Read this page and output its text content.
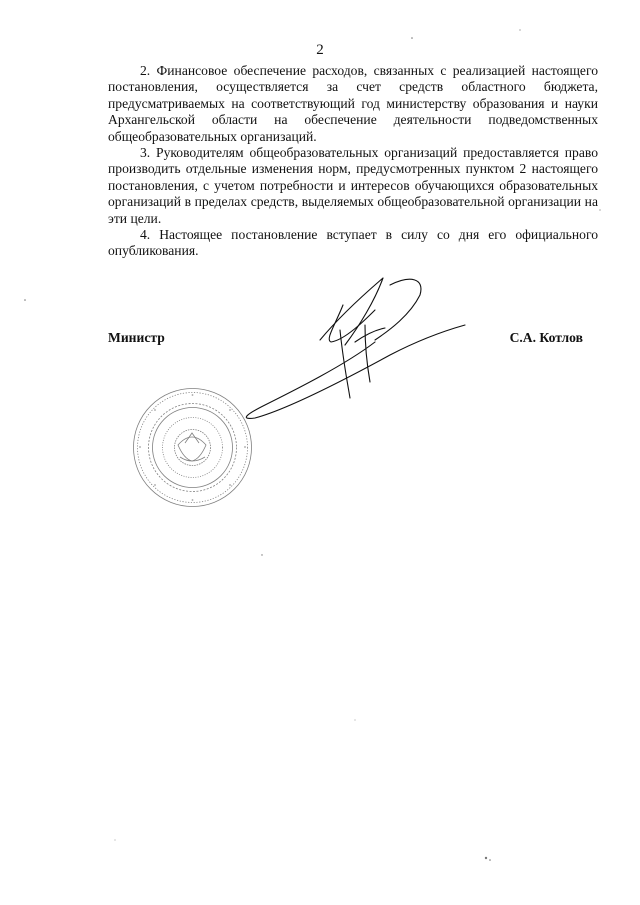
2

2. Финансовое обеспечение расходов, связанных с реализацией настоящего постановления, осуществляется за счет средств областного бюджета, предусматриваемых на соответствующий год министерству образования и науки Архангельской области на обеспечение деятельности подведомственных общеобразовательных организаций.

3. Руководителям общеобразовательных организаций предоставляется право производить отдельные изменения норм, предусмотренных пунктом 2 настоящего постановления, с учетом потребности и интересов обучающихся образовательных организаций в пределах средств, выделяемых общеобразовательной организации на эти цели.

4. Настоящее постановление вступает в силу со дня его официального опубликования.

Министр	С.А. Котлов
